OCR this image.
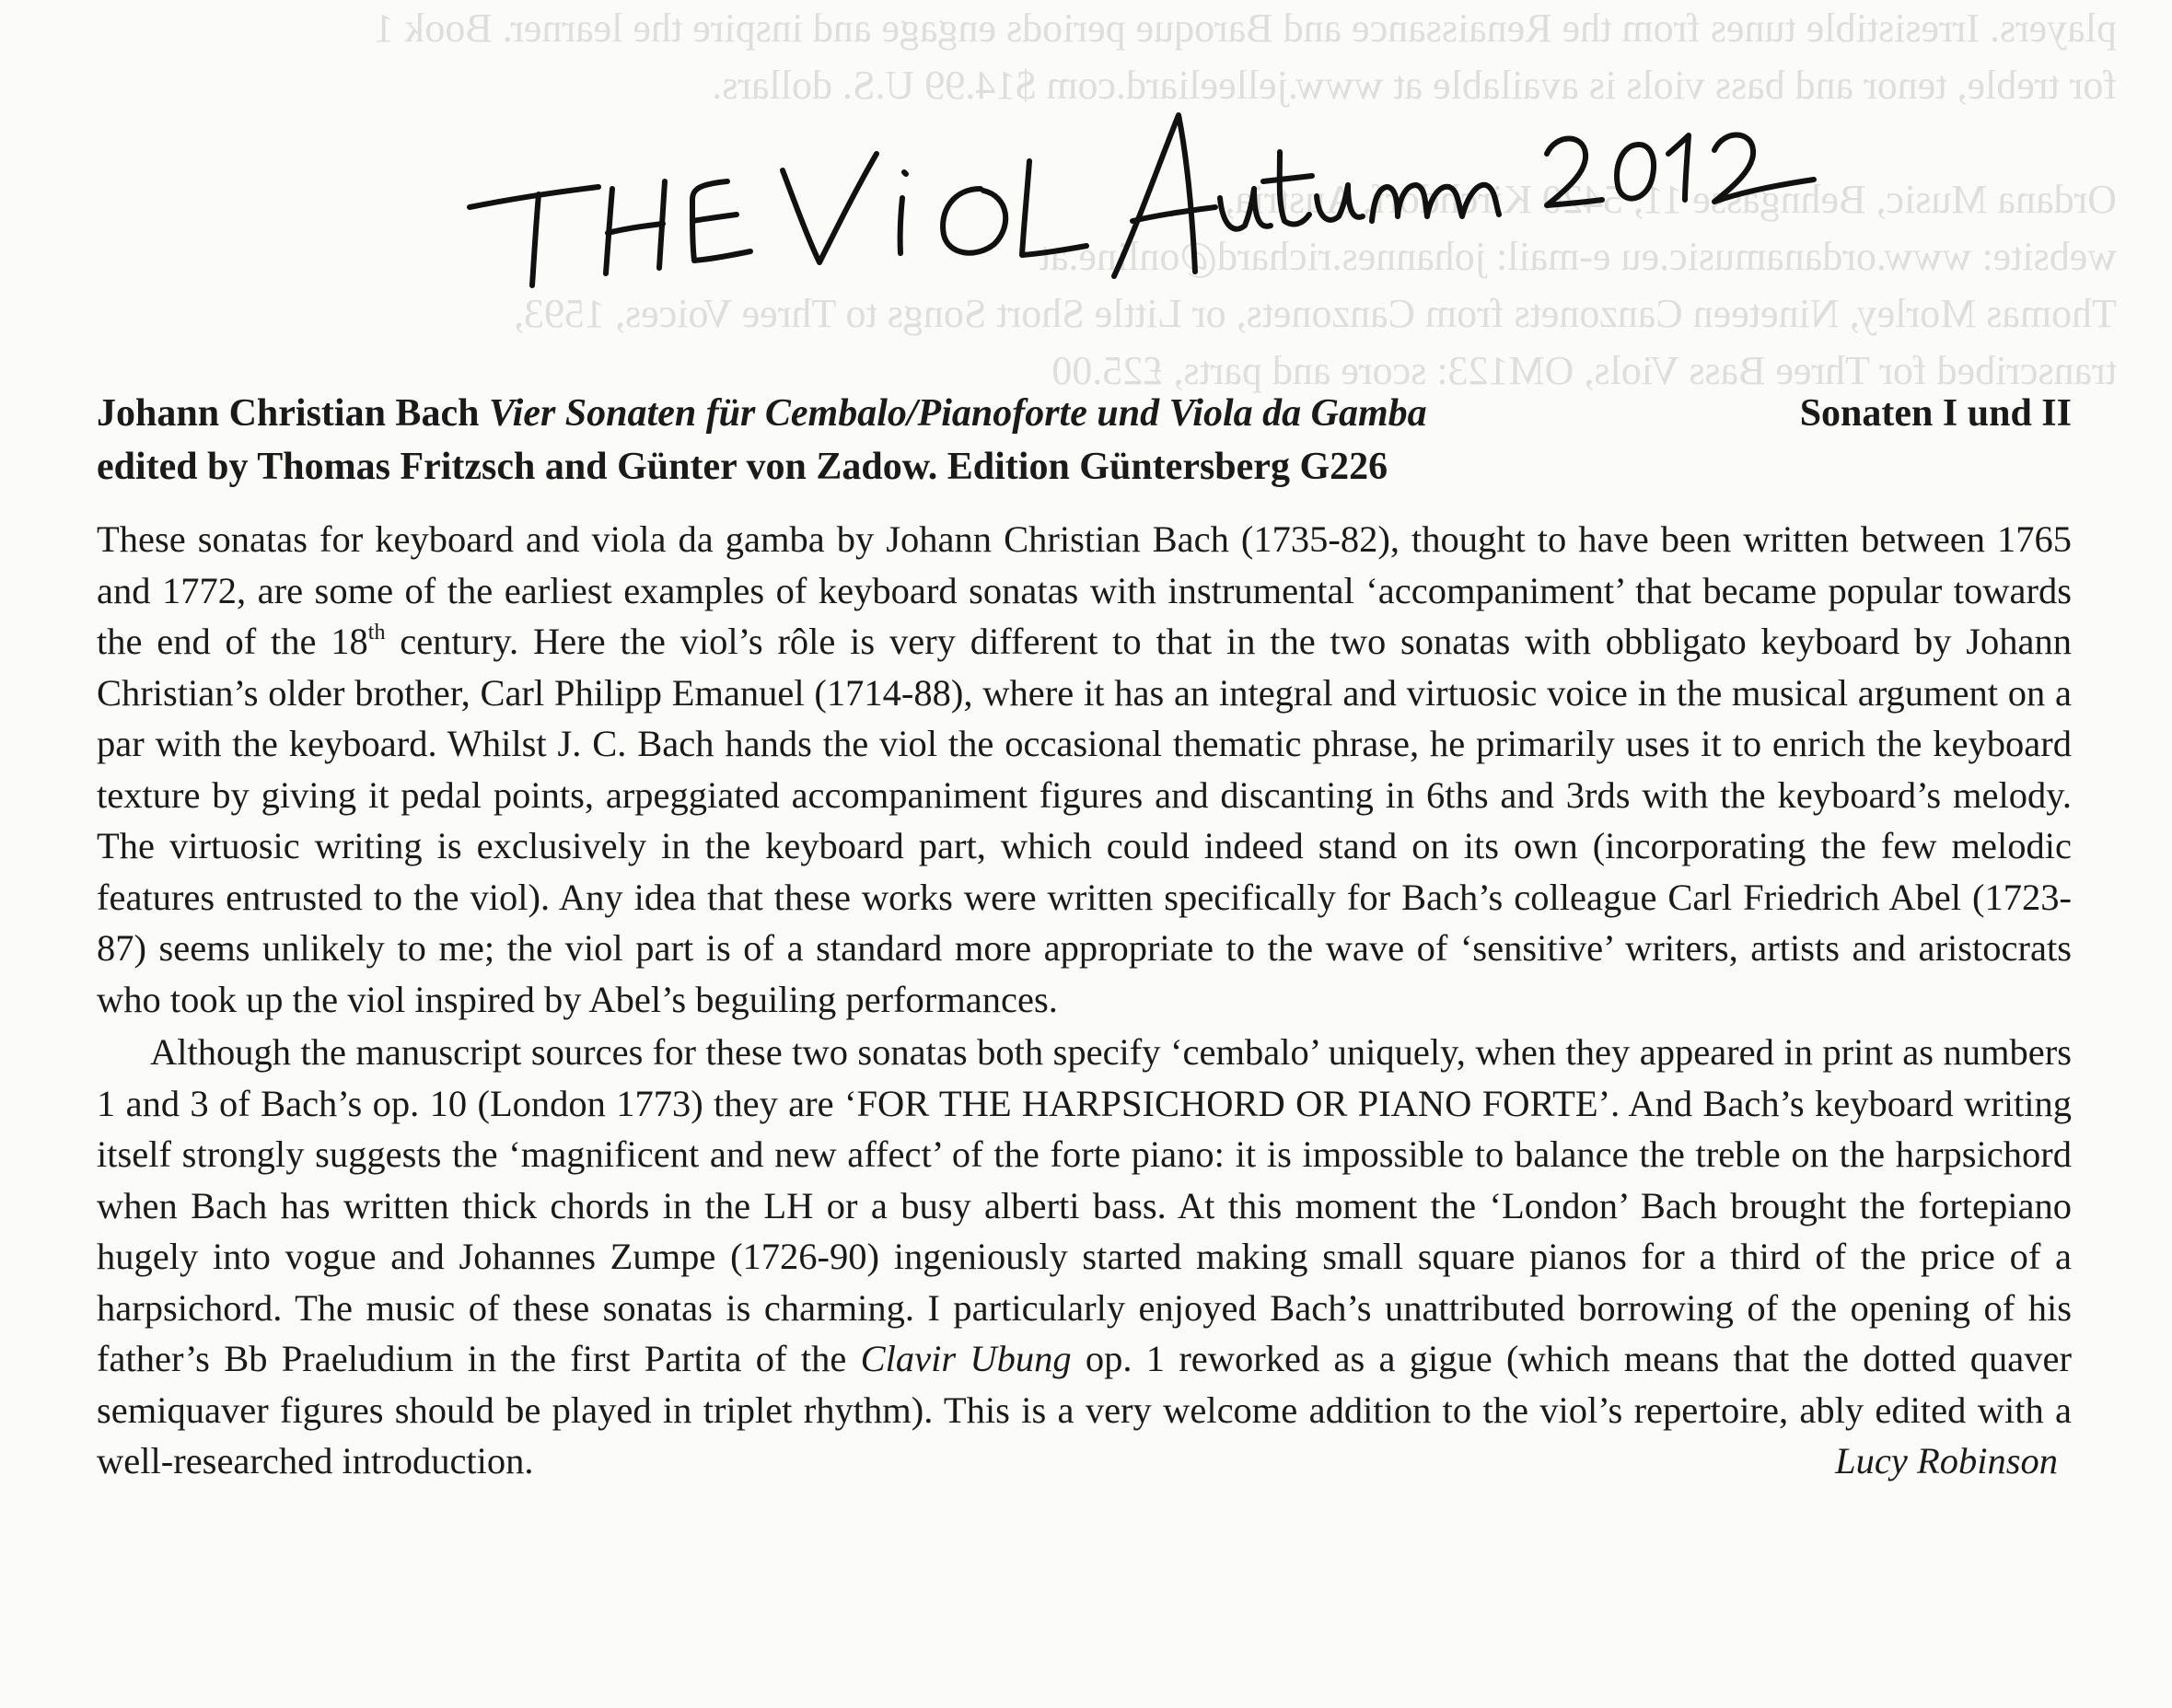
players. Irresistible tunes from the Renaissance and Baroque periods engage and inspire the learner. Book 1

for treble, tenor and bass viols is available at www.jelleeliard.com $14.99 U.S. dollars.

Ordana Music, Behngasse 11, 5420 Kirchdorf, Austria,

website: www.ordanamusic.eu e-mail: johannes.richard@online.at

Thomas Morley, Nineteen Canzonets from Canzonets, or Little Short Songs to Three Voices, 1593,

transcribed for Three Bass Viols, OM123: score and parts, £25.00

Johann Christian Bach Vier Sonaten für Cembalo/Pianoforte und Viola da Gamba	Sonaten I und II
edited by Thomas Fritzsch and Günter von Zadow. Edition Güntersberg G226

These sonatas for keyboard and viola da gamba by Johann Christian Bach (1735-82), thought to have been written between 1765 and 1772, are some of the earliest examples of keyboard sonatas with instrumental ‘accompaniment’ that became popular towards the end of the 18th century. Here the viol’s rôle is very different to that in the two sonatas with obbligato keyboard by Johann Christian’s older brother, Carl Philipp Emanuel (1714-88), where it has an integral and virtuosic voice in the musical argument on a par with the keyboard. Whilst J. C. Bach hands the viol the occasional thematic phrase, he primarily uses it to enrich the keyboard texture by giving it pedal points, arpeggiated accompaniment figures and discanting in 6ths and 3rds with the keyboard’s melody. The virtuosic writing is exclusively in the keyboard part, which could indeed stand on its own (incorporating the few melodic features entrusted to the viol). Any idea that these works were written specifically for Bach’s colleague Carl Friedrich Abel (1723-87) seems unlikely to me; the viol part is of a standard more appropriate to the wave of ‘sensitive’ writers, artists and aristocrats who took up the viol inspired by Abel’s beguiling performances.

Although the manuscript sources for these two sonatas both specify ‘cembalo’ uniquely, when they appeared in print as numbers 1 and 3 of Bach’s op. 10 (London 1773) they are ‘FOR THE HARPSICHORD OR PIANO FORTE’. And Bach’s keyboard writing itself strongly suggests the ‘magnificent and new affect’ of the forte piano: it is impossible to balance the treble on the harpsichord when Bach has written thick chords in the LH or a busy alberti bass. At this moment the ‘London’ Bach brought the fortepiano hugely into vogue and Johannes Zumpe (1726-90) ingeniously started making small square pianos for a third of the price of a harpsichord. The music of these sonatas is charming. I particularly enjoyed Bach’s unattributed borrowing of the opening of his father’s Bb Praeludium in the first Partita of the Clavir Ubung op. 1 reworked as a gigue (which means that the dotted quaver semiquaver figures should be played in triplet rhythm). This is a very welcome addition to the viol’s repertoire, ably edited with a well-researched introduction.	Lucy Robinson
